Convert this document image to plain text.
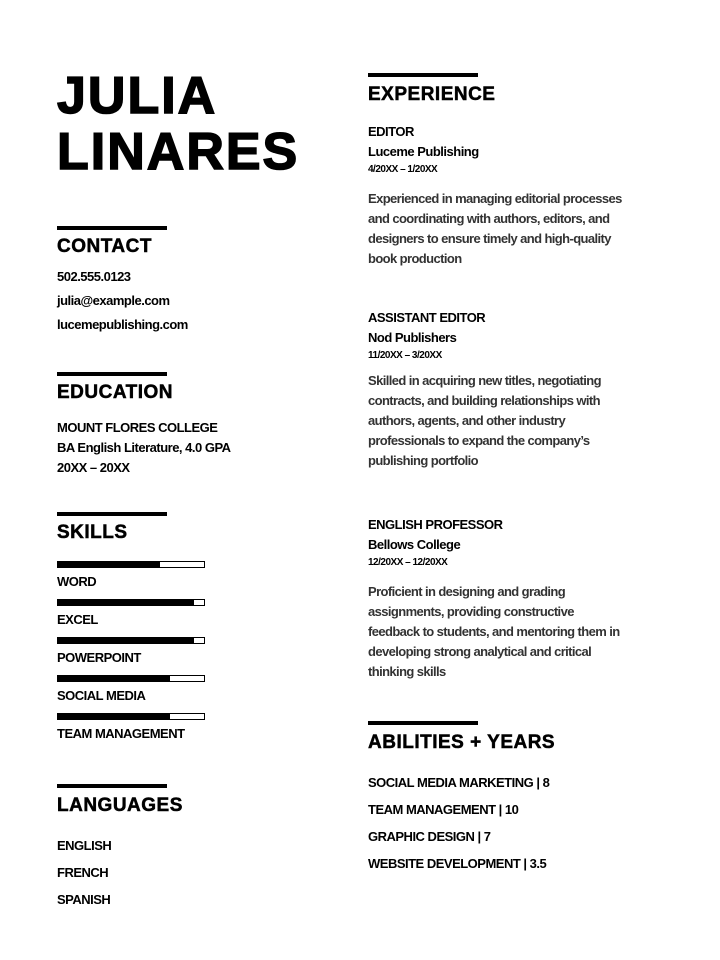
JULIA
LINARES
CONTACT
502.555.0123
julia@example.com
lucemepublishing.com
EDUCATION
MOUNT FLORES COLLEGE
BA English Literature, 4.0 GPA
20XX – 20XX
SKILLS
WORD
EXCEL
POWERPOINT
SOCIAL MEDIA
TEAM MANAGEMENT
LANGUAGES
ENGLISH
FRENCH
SPANISH
EXPERIENCE
EDITOR
Luceme Publishing
4/20XX – 1/20XX
Experienced in managing editorial processes and coordinating with authors, editors, and designers to ensure timely and high-quality book production
ASSISTANT EDITOR
Nod Publishers
11/20XX – 3/20XX
Skilled in acquiring new titles, negotiating contracts, and building relationships with authors, agents, and other industry professionals to expand the company’s publishing portfolio
ENGLISH PROFESSOR
Bellows College
12/20XX – 12/20XX
Proficient in designing and grading assignments, providing constructive feedback to students, and mentoring them in developing strong analytical and critical thinking skills
ABILITIES + YEARS
SOCIAL MEDIA MARKETING | 8
TEAM MANAGEMENT | 10
GRAPHIC DESIGN | 7
WEBSITE DEVELOPMENT | 3.5
